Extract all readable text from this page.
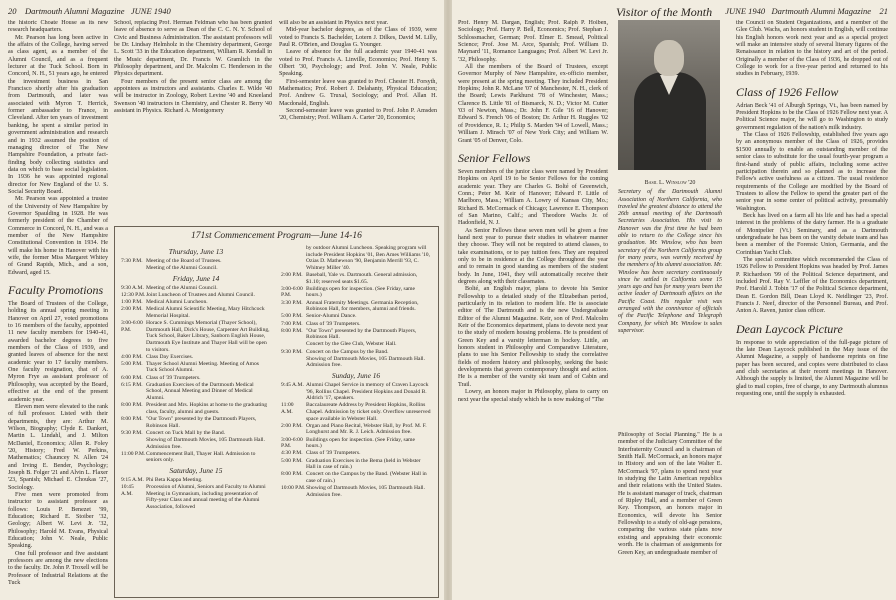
20 Dartmouth Alumni Magazine JUNE 1940

the historic Choate House as its new research headquarters.

Mr. Pearson has long been active in the affairs of the College, having served as class agent, as a member of the Alumni Council, and as a frequent lecturer at the Tuck School. Born in Concord, N. H., 51 years ago, he entered the investment business in San Francisco shortly after his graduation from Dartmouth, and later was associated with Myron T. Herrick, former ambassador to France, in Cleveland. After ten years of investment banking, he spent a similar period in government administration and research and in 1932 assumed the position of managing director of The New Hampshire Foundation, a private fact-finding body collecting statistics and data on which to base social legislation. In 1936 he was appointed regional director for New England of the U. S. Social Security Board.

Mr. Pearson was appointed a trustee of the University of New Hampshire by Governor Spaulding in 1928. He was formerly president of the Chamber of Commerce in Concord, N. H., and was a member of the New Hampshire Constitutional Convention in 1934. He will make his home in Hanover with his wife, the former Miss Margaret Whitey of Grand Rapids, Mich., and a son, Edward, aged 15.

Faculty Promotions

The Board of Trustees of the College, holding its annual spring meeting in Hanover on April 27, voted promotions to 16 members of the faculty, appointed 11 new faculty members for 1940-41, awarded bachelor degrees to five members of the Class of 1939, and granted leaves of absence for the next academic year to 17 faculty members. One faculty resignation, that of A. Myron Frye as assistant professor of Philosophy, was accepted by the Board, effective at the end of the present academic year.

Eleven men were elevated to the rank of full professor. Listed with their departments, they are: Arthur M. Wilson, Biography; Clyde E. Dankert, Martin L. Lindahl, and J. Milton McDaniel, Economics; Allen R. Foley '20, History; Fred W. Perkins, Mathematics; Chauncey N. Allen '24 and Irving E. Bender, Psychology; Joseph B. Folger '21 and Alvin L. Flaxer '23, Spanish; Michael E. Choukas '27, Sociology.

Five men were promoted from instructor to assistant professor as follows: Louis P. Benezet '99, Education; Richard E. Stoiber '32, Geology; Albert W. Levi Jr. '32, Philosophy; Harold M. Evans, Physical Education; John V. Neale, Public Speaking.

One full professor and five assistant professors are among the new elections to the faculty. Dr. John P. Troxell will be Professor of Industrial Relations at the Tuck

School, replacing Prof. Herman Feldman who has been granted leave of absence to serve as Dean of the C. C. N. Y. School of Civic and Business Administration. The assistant professors will be Dr. Lindsay Helmholz in the Chemistry department, George L. Scott '33 in the Education department, William R. Kendall in the Music department, Dr. Francis W. Gramlich in the Philosophy department, and Dr. Malcolm C. Henderson in the Physics department.

Four members of the present senior class are among the appointees as instructors and assistants. Charles E. Wilde '40 will be instructor in Zoology, Robert Levine '40 and Kneeland Swenson '40 instructors in Chemistry, and Chester R. Berry '40 assistant in Physics. Richard A. Montgomery

will also be an assistant in Physics next year.

Mid-year bachelor degrees, as of the Class of 1939, were voted to Francis S. Bachelder, Lotern J. Dilkes, David M. Lilly, Paul R. O'Brien, and Douglas G. Younger.

Leave of absence for the full academic year 1940-41 was voted to Prof. Francis A. Linville, Economics; Prof. Henry S. Olbert '30, Psychology; and Prof. John V. Neale, Public Speaking.

First-semester leave was granted to Prof. Chester H. Forsyth, Mathematics; Prof. Robert J. Delahanty, Physical Education; Prof. Andrew G. Truxal, Sociology; and Prof. Allan H. Macdonald, English.

Second-semester leave was granted to Prof. John P. Amsden '20, Chemistry; Prof. William A. Carter '20, Economics;

171st Commencement Program—June 14-16
Thursday, June 13
7:30 P.M. Meeting of the Board of Trustees.
Meeting of the Alumni Council.
Friday, June 14
9:30 A.M. Meeting of the Alumni Council.
12:30 P.M. Joint Luncheon of Trustees and Alumni Council.
1:00 P.M. Medical Alumni Luncheon.
2:00 P.M. Medical Alumni Scientific Meeting, Mary Hitchcock Memorial Hospital.
3:00-6:00 P.M.
Horace S. Cummings Memorial (Thayer School), Dartmouth Hall, Dick's House, Carpenter Art Building, Tuck School, Baker Library, Sanborn English House, Dartmouth Eye Institute and Thayer Hall will be open to visitors.
4:00 P.M. Class Day Exercises.
5:00 P.M. Thayer School Alumni Meeting. Meeting of Amos Tuck School Alumni.
6:00 P.M. Class of '39 Trumpeters.
6:15 P.M. Graduation Exercises of the Dartmouth Medical School, Annual Meeting and Dinner of Medical Alumni.
8:00 P.M. President and Mrs. Hopkins at home to the graduating class, faculty, alumni and guests.
8:00 P.M. "Our Town" presented by the Dartmouth Players, Robinson Hall.
9:30 P.M. Concert on Tuck Mall by the Band.
Showing of Dartmouth Movies, 105 Dartmouth Hall. Admission free.
11:00 P.M. Commencement Ball, Thayer Hall. Admission to seniors only.
Saturday, June 15
9:15 A.M. Phi Beta Kappa Meeting.
10:45 A.M.
Procession of Alumni, Seniors and Faculty to Alumni Meeting in Gymnasium, including presentation of Fifty-year Class and annual meeting of the Alumni Association, followed
by outdoor Alumni Luncheon. Speaking program will include President Hopkins '01, Ben Ames Williams '10, Ozias D. Mathewson '90, Benjamin Merrill '93, C. Whitney Miller '40.
2:00 P.M. Baseball, Yale vs. Dartmouth. General admission, $1.10; reserved seats $1.65.
3:00-6:00 P.M.
Buildings open for inspection. (See Friday, same hours.)
3:30 P.M. Annual Fraternity Meetings. Germania Reception, Robinson Hall, for members, alumni and friends.
5:00 P.M. Senior-Alumni Dance.
7:00 P.M. Class of '39 Trumpeters.
8:00 P.M. "Our Town" presented by the Dartmouth Players, Robinson Hall.
Concert by the Glee Club, Webster Hall.
9:30 P.M. Concert on the Campus by the Band.
Showing of Dartmouth Movies, 105 Dartmouth Hall. Admission free.
Sunday, June 16
9:45 A.M. Alumni Chapel Service in memory of Craven Laycock '96, Rollins Chapel. President Hopkins and Donald B. Aldrich '17, speakers.
11:00 A.M.
Baccalaureate Address by President Hopkins, Rollins Chapel. Admission by ticket only. Overflow unreserved space available in Webster Hall.
2:00 P.M. Organ and Piano Recital, Webster Hall, by Prof. M. F. Longhurst and Mr. R. J. Leich. Admission free.
3:00-6:00 P.M.
Buildings open for inspection. (See Friday, same hours.)
4:30 P.M. Class of '39 Trumpeters.
5:00 P.M. Graduation Exercises in the Bema (held in Webster Hall in case of rain.)
8:00 P.M. Concert on the Campus by the Band. (Webster Hall in case of rain.)
10:00 P.M. Showing of Dartmouth Movies, 105 Dartmouth Hall. Admission free.
JUNE 1940 Dartmouth Alumni Magazine 21

Prof. Henry M. Dargan, English; Prof. Ralph P. Holben, Sociology; Prof. Harry P. Bell, Economics; Prof. Stephan J. Schlossmacher, German; Prof. Elmer E. Smead, Political Science; Prof. Jose M. Arce, Spanish; Prof. William D. Maynard '11, Romance Languages; Prof. Albert W. Levi Jr. '32, Philosophy.

All the members of the Board of Trustees, except Governor Murphy of New Hampshire, ex-officio member, were present at the spring meeting. They included President Hopkins; John R. McLane '07 of Manchester, N. H., clerk of the Board; Lewis Parkhurst '78 of Winchester, Mass.; Clarence B. Little '81 of Bismarck, N. D.; Victor M. Cutter '03 of Newton, Mass.; Dr. John F. Gile '16 of Hanover; Edward S. French '06 of Boston; Dr. Arthur H. Ruggles '02 of Providence, R. I.; Philip S. Marden '94 of Lowell, Mass.; William J. Minsch '07 of New York City; and William W. Grant '05 of Denver, Colo.

Senior Fellows

Seven members of the junior class were named by President Hopkins on April 19 to be Senior Fellows for the coming academic year. They are Charles G. Bolté of Greenwich, Conn.; Peter M. Keir of Hanover; Edward F. Little of Marlboro, Mass.; William A. Lowry of Kansas City, Mo.; Richard B. McCormack of Chicago; Lawrence E. Thompson of San Marino, Calif.; and Theodore Wachs Jr. of Hadonfield, N. J.

As Senior Fellows these seven men will be given a free hand next year to pursue their studies in whatever manner they choose. They will not be required to attend classes, to take examinations, or to pay tuition fees. They are required only to be in residence at the College throughout the year and to remain in good standing as members of the student body. In June, 1941, they will automatically receive their degrees along with their classmates.

Bolté, an English major, plans to devote his Senior Fellowship to a detailed study of the Elizabethan period, particularly in its relation to modern life. He is associate editor of The Dartmouth and is the new Undergraduate Editor of the Alumni Magazine. Keir, son of Prof. Malcolm Keir of the Economics department, plans to devote next year to the study of modern housing problems. He is president of Green Key and a varsity letterman in hockey. Little, an honors student in Philosophy and Comparative Literature, plans to use his Senior Fellowship to study the correlative fields of modern history and philosophy, seeking the basic developments that govern contemporary thought and action. He is a member of the varsity ski team and of Cabin and Trail.

Lowry, an honors major in Philosophy, plans to carry on next year the special study which he is now making of "The

Visitor of the Month
Basil L. Winslow '20
Secretary of the Dartmouth Alumni Association of Northern California, who traveled the greatest distance to attend the 26th annual meeting of the Dartmouth Secretaries Association. His visit to Hanover was the first time he had been able to return to the College since his graduation. Mr. Winslow, who has been secretary of the Northern California group for many years, was warmly received by the members of his alumni association. Mr. Winslow has been secretary continuously since he settled in California some 15 years ago and has for many years been the active leader of Dartmouth affairs on the Pacific Coast. His regular visit was arranged with the connivance of officials of the Pacific Telephone and Telegraph Company, for which Mr. Winslow is sales supervisor.

Philosophy of Social Planning." He is a member of the Judiciary Committee of the Interfraternity Council and is chairman of Smith Hall. McCormack, an honors major in History and son of the late Walter E. McCormack '97, plans to spend next year in studying the Latin American republics and their relations with the United States. He is assistant manager of track, chairman of Ripley Hall, and a member of Green Key. Thompson, an honors major in Economics, will devote his Senior Fellowship to a study of old-age pensions, comparing the various state plans now existing and appraising their economic worth. He is chairman of assignments for Green Key, an undergraduate member of

the Council on Student Organizations, and a member of the Glee Club. Wachs, an honors student in English, will continue his English honors work next year and as a special project will make an intensive study of several literary figures of the Renaissance in relation to the history and art of the period. Originally a member of the Class of 1936, he dropped out of College to work for a five-year period and returned to his studies in February, 1939.

Class of 1926 Fellow

Adrian Beck '41 of Alburgh Springs, Vt., has been named by President Hopkins to be the Class of 1926 Fellow next year. A Political Science major, he will go to Washington to study government regulation of the nation's milk industry.

The Class of 1926 Fellowship, established five years ago by an anonymous member of the Class of 1926, provides $1500 annually to enable an outstanding member of the senior class to substitute for the usual fourth-year program a first-hand study of public affairs, including some active participation therein and so planned as to increase the Fellow's active usefulness as a citizen. The usual residence requirements of the College are modified by the Board of Trustees to allow the Fellow to spend the greater part of the senior year in some center of political activity, presumably Washington.

Beck has lived on a farm all his life and has had a special interest in the problems of the dairy farmer. He is a graduate of Montpelier (Vt.) Seminary, and as a Dartmouth undergraduate he has been on the varsity debate team and has been a member of the Forensic Union, Germania, and the Corinthian Yacht Club.

The special committee which recommended the Class of 1926 Fellow to President Hopkins was headed by Prof. James P. Richardson '99 of the Political Science department, and included Prof. Ray V. Leffler of the Economics department, Prof. Harold J. Tobin '17 of the Political Science department, Dean E. Gordon Bill, Dean Lloyd K. Neidlinger '23, Prof. Francis J. Neef, director of the Personnel Bureau, and Prof. Anton A. Raven, junior class officer.

Dean Laycock Picture

In response to wide appreciation of the full-page picture of the late Dean Laycock published in the May issue of the Alumni Magazine, a supply of handsome reprints on fine paper has been secured, and copies were distributed to class and club secretaries at their recent meetings in Hanover. Although the supply is limited, the Alumni Magazine will be glad to mail copies, free of charge, to any Dartmouth alumnus requesting one, until the supply is exhausted.
